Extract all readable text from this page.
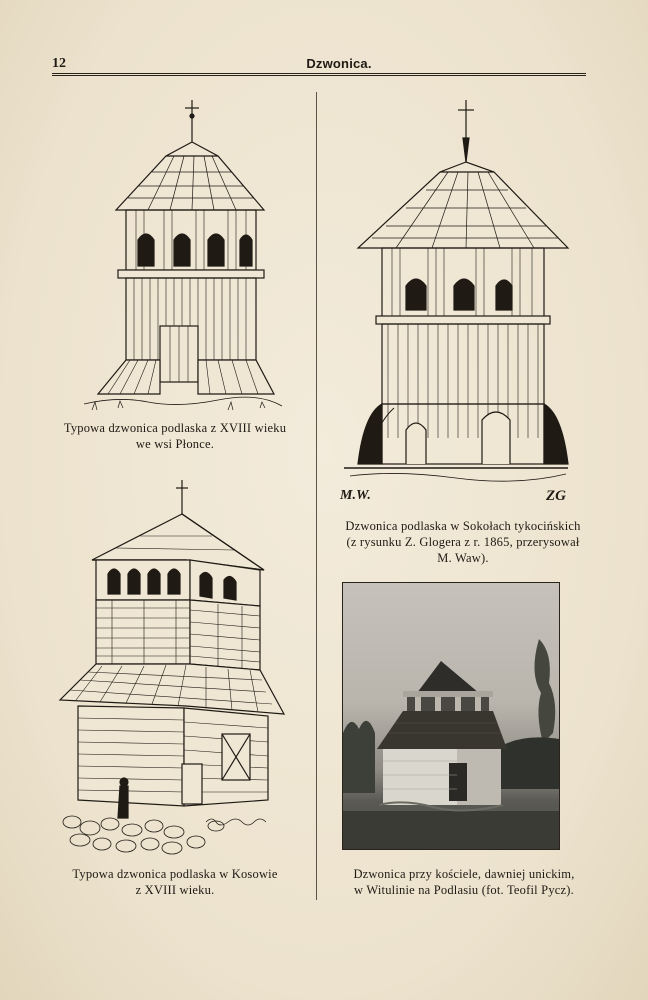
12	Dzwonica.
Typowa dzwonica podlaska z XVIII wieku
we wsi Płonce.
M.W.	ZG
Dzwonica podlaska w Sokołach tykocińskich
(z rysunku Z. Glogera z r. 1865, przerysował
M. Waw).
Typowa dzwonica podlaska w Kosowie
z XVIII wieku.
Dzwonica przy kościele, dawniej unickim,
w Witulinie na Podlasiu (fot. Teofil Pycz).
